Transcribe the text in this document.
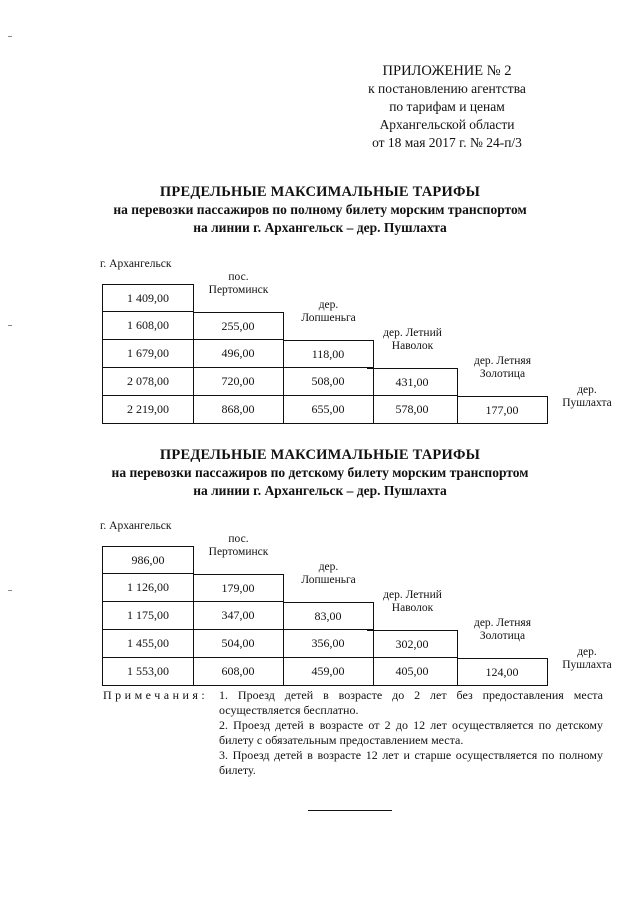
ПРИЛОЖЕНИЕ № 2
к постановлению агентства
по тарифам и ценам
Архангельской области
от 18 мая 2017 г. № 24-п/3
ПРЕДЕЛЬНЫЕ МАКСИМАЛЬНЫЕ ТАРИФЫ
на перевозки пассажиров по полному билету морским транспортом
на линии г. Архангельск – дер. Пушлахта
г. Архангельск
пос.
Пертоминск
дер.
Лопшеньга
дер. Летний
Наволок
дер. Летняя
Золотица
дер.
Пушлахта
1 409,00
1 608,00	255,00
1 679,00	496,00	118,00
2 078,00	720,00	508,00	431,00
2 219,00	868,00	655,00	578,00	177,00
ПРЕДЕЛЬНЫЕ МАКСИМАЛЬНЫЕ ТАРИФЫ
на перевозки пассажиров по детскому билету морским транспортом
на линии г. Архангельск – дер. Пушлахта
г. Архангельск
пос.
Пертоминск
дер.
Лопшеньга
дер. Летний
Наволок
дер. Летняя
Золотица
дер.
Пушлахта
986,00
1 126,00	179,00
1 175,00	347,00	83,00
1 455,00	504,00	356,00	302,00
1 553,00	608,00	459,00	405,00	124,00
Примечания: 1. Проезд детей в возрасте до 2 лет без предоставления места осуществляется бесплатно.
2. Проезд детей в возрасте от 2 до 12 лет осуществляется по детскому билету с обязательным предоставлением места.
3. Проезд детей в возрасте 12 лет и старше осуществляется по полному билету.
